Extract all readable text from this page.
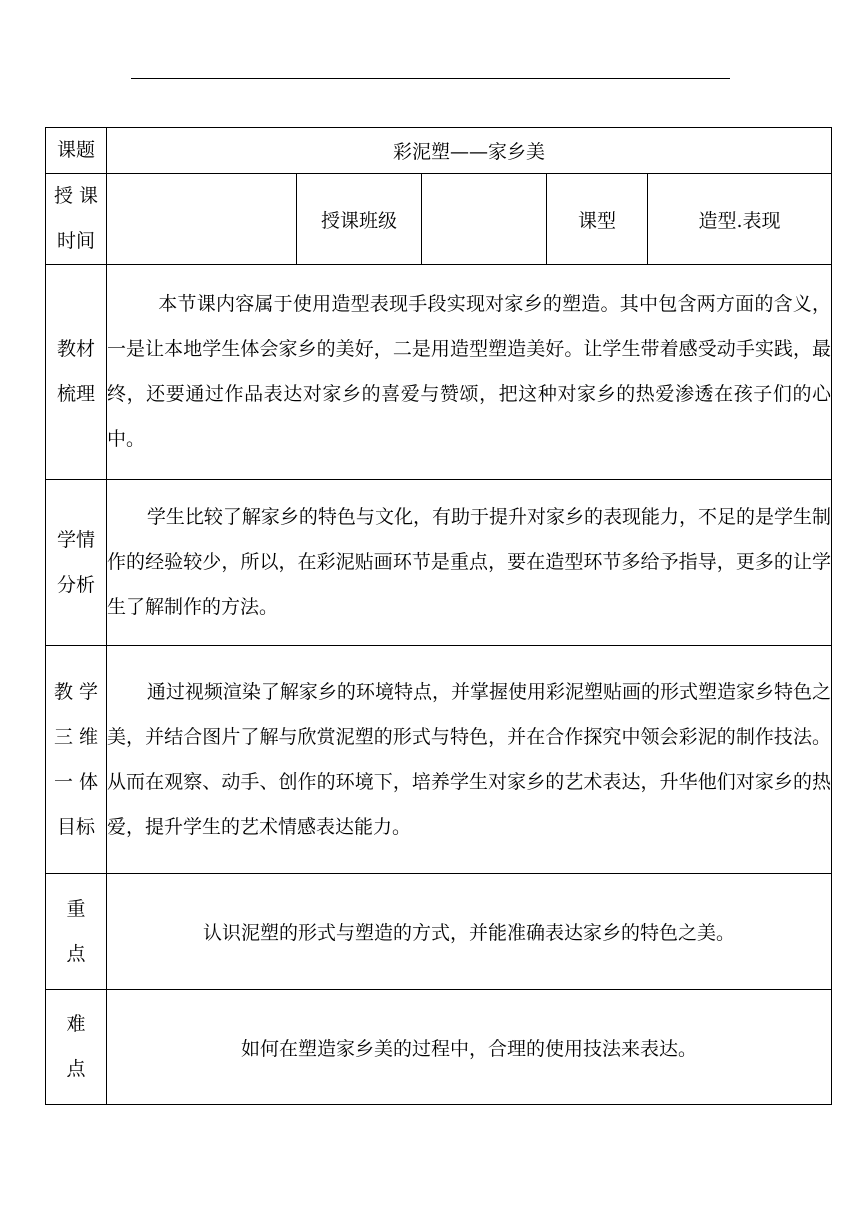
课题	彩泥塑——家乡美				

授 课
时间		授课班级		课型	造型.表现

教材
梳理	本节课内容属于使用造型表现手段实现对家乡的塑造。其中包含两方面的含义，一是让本地学生体会家乡的美好，二是用造型塑造美好。让学生带着感受动手实践，最终，还要通过作品表达对家乡的喜爱与赞颂，把这种对家乡的热爱渗透在孩子们的心中。				

学情
分析	学生比较了解家乡的特色与文化，有助于提升对家乡的表现能力，不足的是学生制作的经验较少，所以，在彩泥贴画环节是重点，要在造型环节多给予指导，更多的让学生了解制作的方法。				

教 学
三 维
一 体
目标	通过视频渲染了解家乡的环境特点，并掌握使用彩泥塑贴画的形式塑造家乡特色之美，并结合图片了解与欣赏泥塑的形式与特色，并在合作探究中领会彩泥的制作技法。从而在观察、动手、创作的环境下，培养学生对家乡的艺术表达，升华他们对家乡的热爱，提升学生的艺术情感表达能力。				

重
点	认识泥塑的形式与塑造的方式，并能准确表达家乡的特色之美。				

难
点	如何在塑造家乡美的过程中，合理的使用技法来表达。				
